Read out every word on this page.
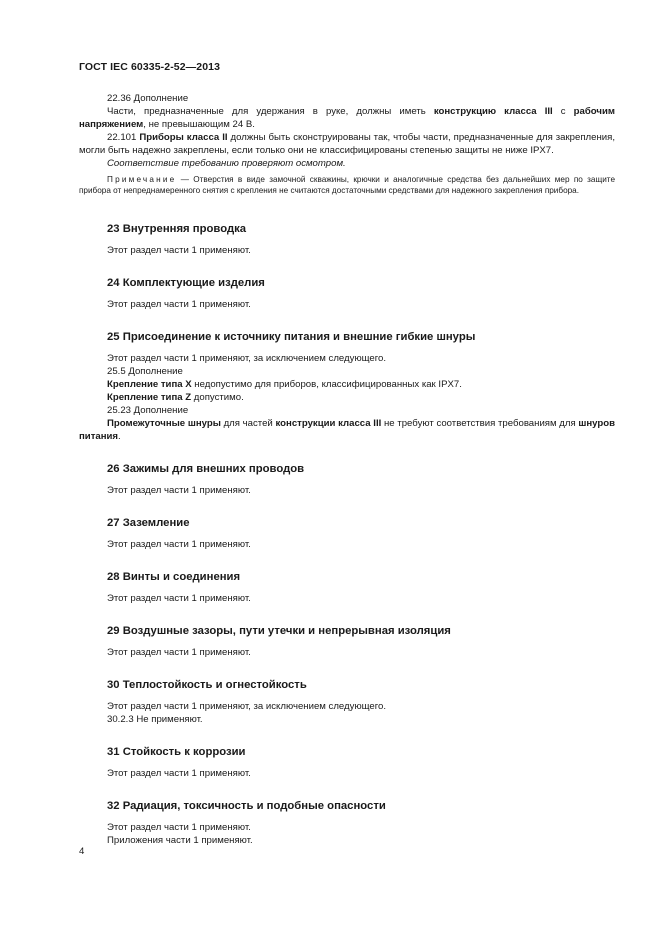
ГОСТ IEC 60335-2-52—2013

22.36 Дополнение

Части, предназначенные для удержания в руке, должны иметь конструкцию класса III с рабочим напряжением, не превышающим 24 В.

22.101 Приборы класса II должны быть сконструированы так, чтобы части, предназначенные для закрепления, могли быть надежно закреплены, если только они не классифицированы степенью защиты не ниже IPX7.

Соответствие требованию проверяют осмотром.

Примечание — Отверстия в виде замочной скважины, крючки и аналогичные средства без дальнейших мер по защите прибора от непреднамеренного снятия с крепления не считаются достаточными средствами для надежного закрепления прибора.

23 Внутренняя проводка

Этот раздел части 1 применяют.

24 Комплектующие изделия

Этот раздел части 1 применяют.

25 Присоединение к источнику питания и внешние гибкие шнуры

Этот раздел части 1 применяют, за исключением следующего.

25.5 Дополнение

Крепление типа X недопустимо для приборов, классифицированных как IPX7.

Крепление типа Z допустимо.

25.23 Дополнение

Промежуточные шнуры для частей конструкции класса III не требуют соответствия требованиям для шнуров питания.

26 Зажимы для внешних проводов

Этот раздел части 1 применяют.

27 Заземление

Этот раздел части 1 применяют.

28 Винты и соединения

Этот раздел части 1 применяют.

29 Воздушные зазоры, пути утечки и непрерывная изоляция

Этот раздел части 1 применяют.

30 Теплостойкость и огнестойкость

Этот раздел части 1 применяют, за исключением следующего.

30.2.3 Не применяют.

31 Стойкость к коррозии

Этот раздел части 1 применяют.

32 Радиация, токсичность и подобные опасности

Этот раздел части 1 применяют.

Приложения части 1 применяют.

4
